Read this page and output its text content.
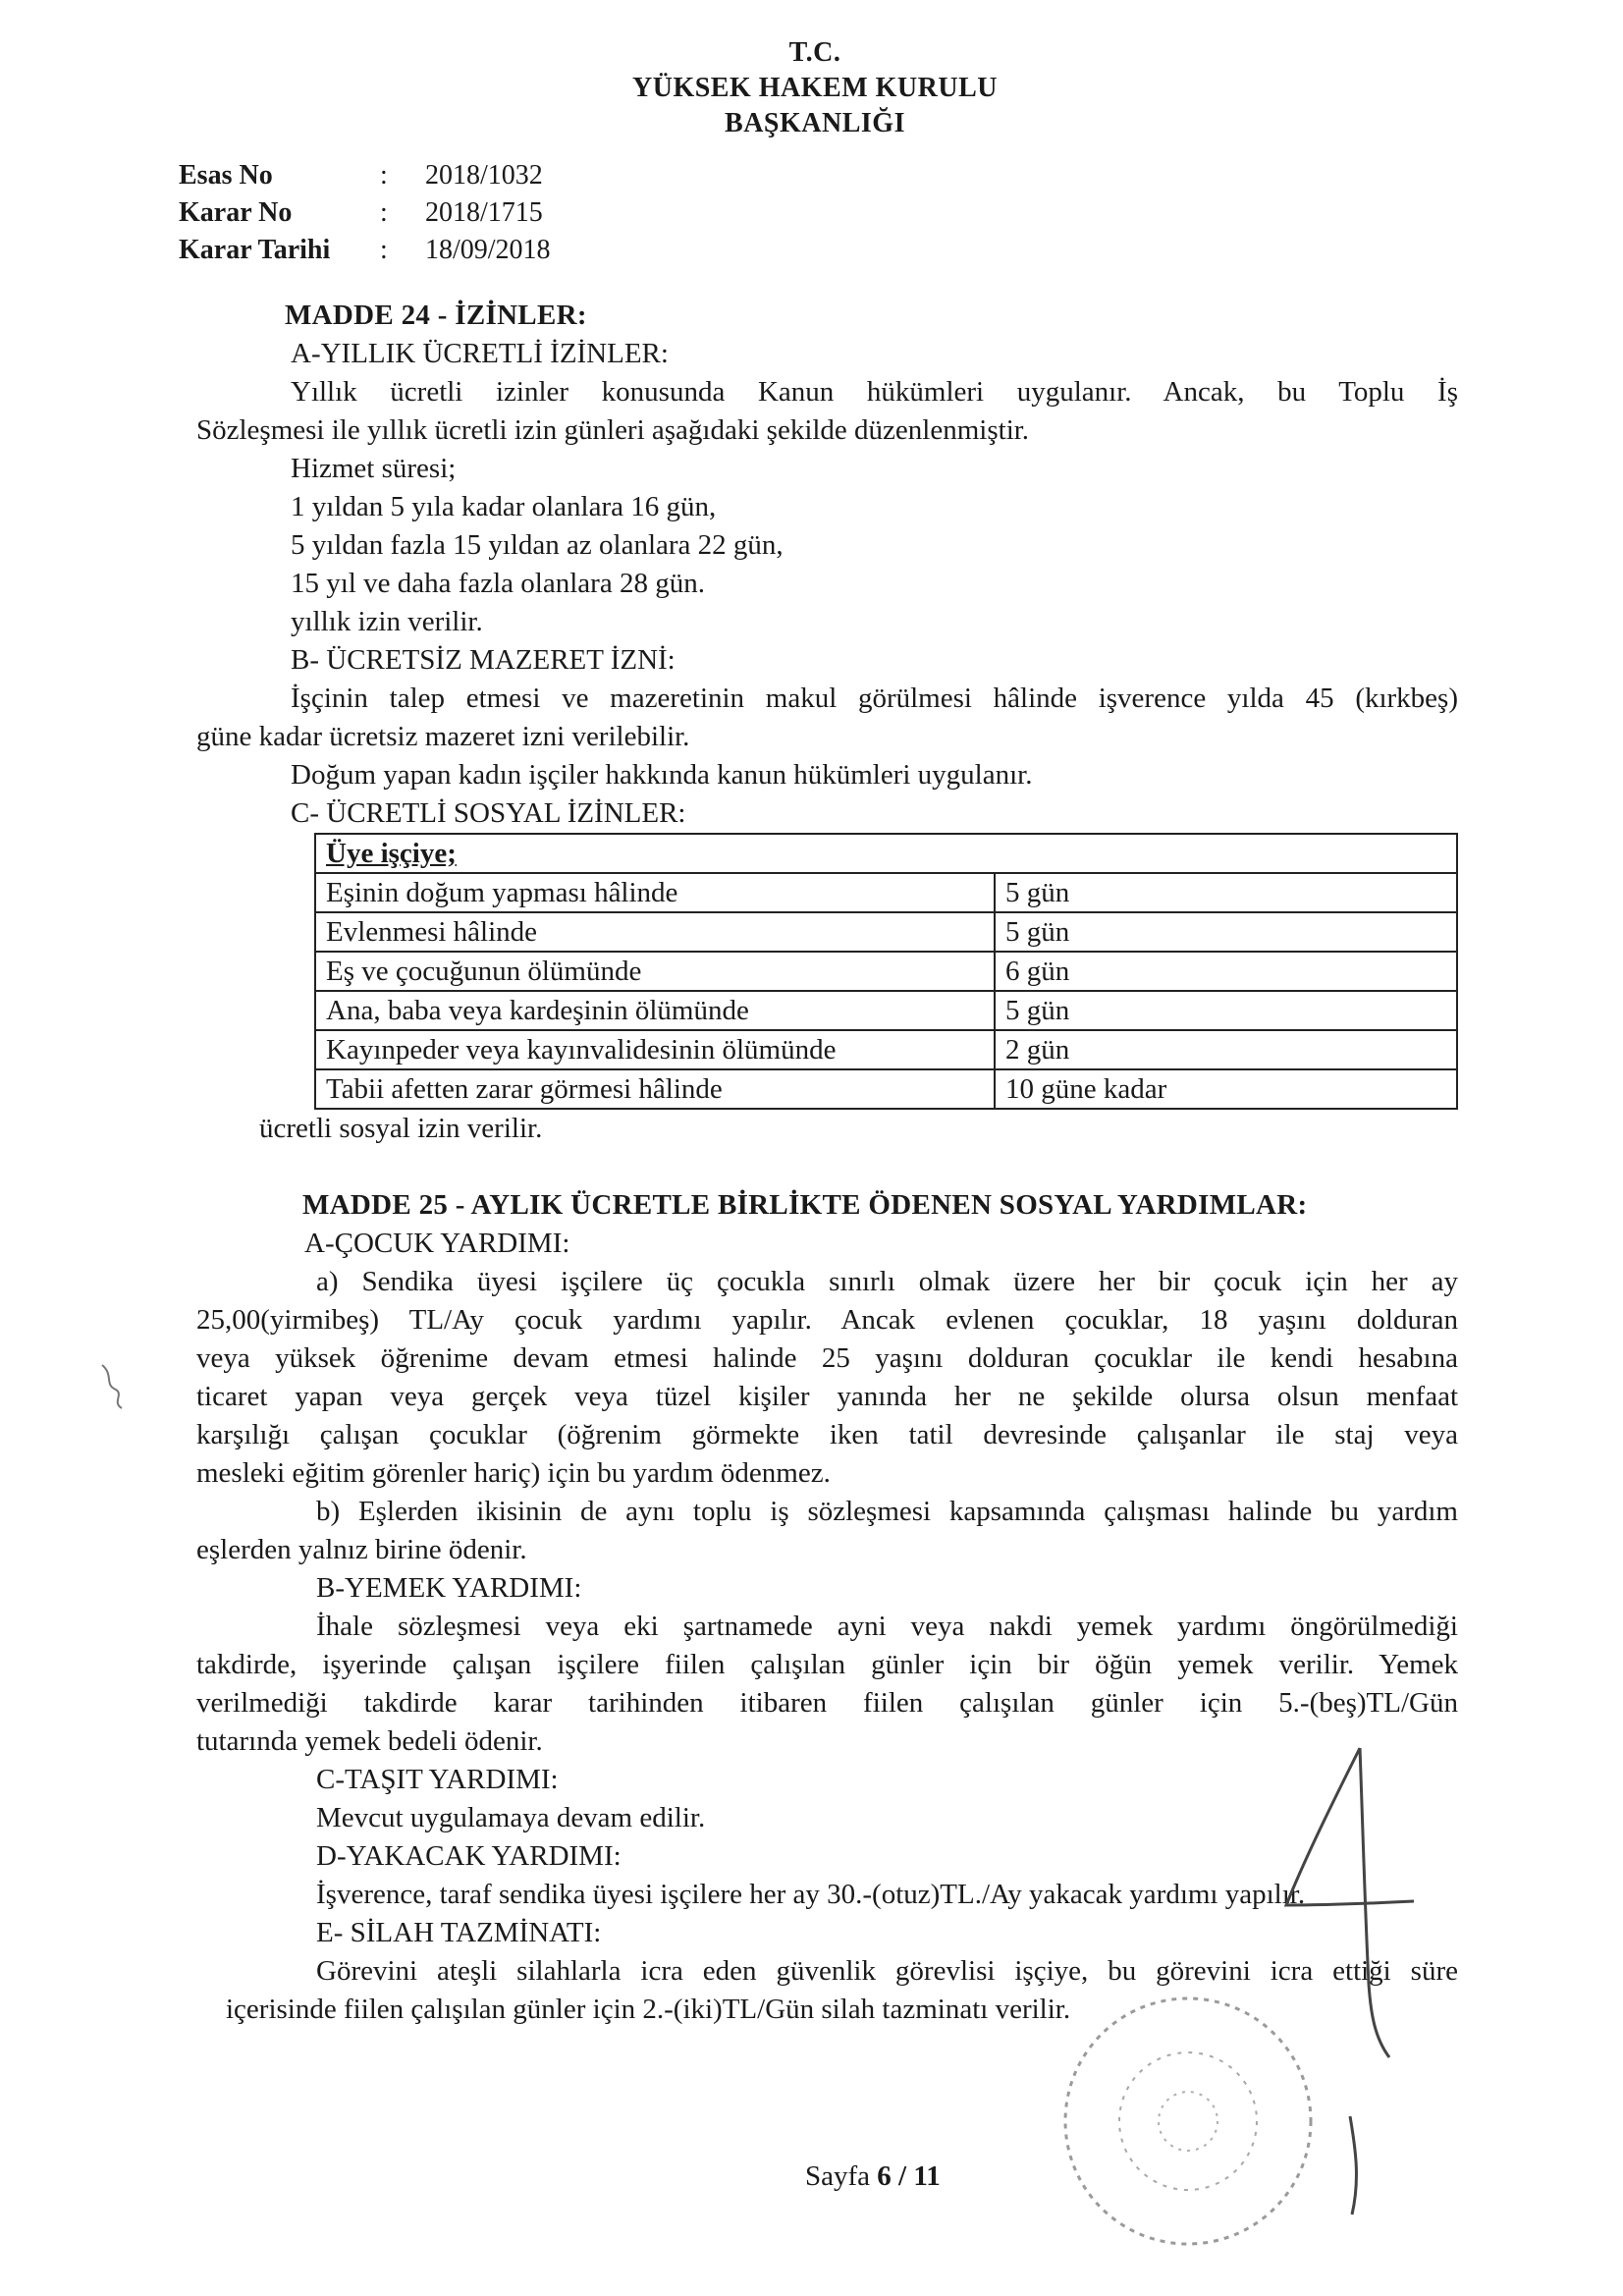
T.C.
YÜKSEK HAKEM KURULU
BAŞKANLIĞI
Esas No	:	2018/1032
Karar No	:	2018/1715
Karar Tarihi	:	18/09/2018
MADDE 24 - İZİNLER:
A-YILLIK ÜCRETLİ İZİNLER:
Yıllık ücretli izinler konusunda Kanun hükümleri uygulanır. Ancak, bu Toplu İş
Sözleşmesi ile yıllık ücretli izin günleri aşağıdaki şekilde düzenlenmiştir.
Hizmet süresi;
1 yıldan 5 yıla kadar olanlara 16 gün,
5 yıldan fazla 15 yıldan az olanlara 22 gün,
15 yıl ve daha fazla olanlara 28 gün.
yıllık izin verilir.
B- ÜCRETSİZ MAZERET İZNİ:
İşçinin talep etmesi ve mazeretinin makul görülmesi hâlinde işverence yılda 45 (kırkbeş)
güne kadar ücretsiz mazeret izni verilebilir.
Doğum yapan kadın işçiler hakkında kanun hükümleri uygulanır.
C- ÜCRETLİ SOSYAL İZİNLER:
Üye işçiye;	
Eşinin doğum yapması hâlinde	5 gün
Evlenmesi hâlinde	5 gün
Eş ve çocuğunun ölümünde	6 gün
Ana, baba veya kardeşinin ölümünde	5 gün
Kayınpeder veya kayınvalidesinin ölümünde	2 gün
Tabii afetten zarar görmesi hâlinde	10 güne kadar
ücretli sosyal izin verilir.
MADDE 25 - AYLIK ÜCRETLE BİRLİKTE ÖDENEN SOSYAL YARDIMLAR:
A-ÇOCUK YARDIMI:
a) Sendika üyesi işçilere üç çocukla sınırlı olmak üzere her bir çocuk için her ay
25,00(yirmibeş) TL/Ay çocuk yardımı yapılır. Ancak evlenen çocuklar, 18 yaşını dolduran
veya yüksek öğrenime devam etmesi halinde 25 yaşını dolduran çocuklar ile kendi hesabına
ticaret yapan veya gerçek veya tüzel kişiler yanında her ne şekilde olursa olsun menfaat
karşılığı çalışan çocuklar (öğrenim görmekte iken tatil devresinde çalışanlar ile staj veya
mesleki eğitim görenler hariç) için bu yardım ödenmez.
b) Eşlerden ikisinin de aynı toplu iş sözleşmesi kapsamında çalışması halinde bu yardım
eşlerden yalnız birine ödenir.
B-YEMEK YARDIMI:
İhale sözleşmesi veya eki şartnamede ayni veya nakdi yemek yardımı öngörülmediği
takdirde, işyerinde çalışan işçilere fiilen çalışılan günler için bir öğün yemek verilir. Yemek
verilmediği takdirde karar tarihinden itibaren fiilen çalışılan günler için 5.-(beş)TL/Gün
tutarında yemek bedeli ödenir.
C-TAŞIT YARDIMI:
Mevcut uygulamaya devam edilir.
D-YAKACAK YARDIMI:
İşverence, taraf sendika üyesi işçilere her ay 30.-(otuz)TL./Ay yakacak yardımı yapılır.
E- SİLAH TAZMİNATI:
Görevini ateşli silahlarla icra eden güvenlik görevlisi işçiye, bu görevini icra ettiği süre
içerisinde fiilen çalışılan günler için 2.-(iki)TL/Gün silah tazminatı verilir.
Sayfa 6 / 11
